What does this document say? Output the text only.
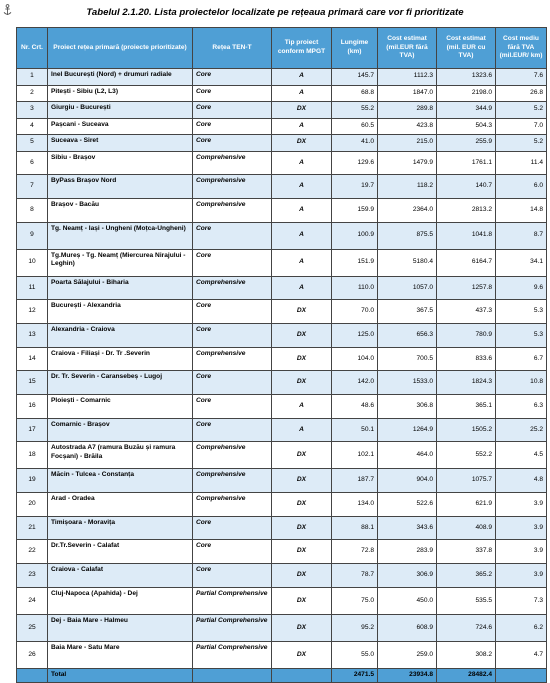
Tabelul 2.1.20. Lista proiectelor localizate pe rețeaua primară care vor fi prioritizate
Nr. Crt.	Proiect rețea primară (proiecte prioritizate)	Rețea TEN-T	Tip proiect conform MPGT	Lungime (km)	Cost estimat (mil.EUR fără TVA)	Cost estimat (mil. EUR cu TVA)	Cost mediu fără TVA (mil.EUR/ km)
1	Inel București (Nord) + drumuri radiale	Core	A	145.7	1112.3	1323.6	7.6
2	Pitești - Sibiu (L2, L3)	Core	A	68.8	1847.0	2198.0	26.8
3	Giurgiu - București	Core	DX	55.2	289.8	344.9	5.2
4	Pașcani - Suceava	Core	A	60.5	423.8	504.3	7.0
5	Suceava - Siret	Core	DX	41.0	215.0	255.9	5.2
6	Sibiu - Brașov	Comprehensive	A	129.6	1479.9	1761.1	11.4
7	ByPass Brașov Nord	Comprehensive	A	19.7	118.2	140.7	6.0
8	Brașov - Bacău	Comprehensive	A	159.9	2364.0	2813.2	14.8
9	Tg. Neamț - Iași - Ungheni (Moțca-Ungheni)	Core	A	100.9	875.5	1041.8	8.7
10	Tg.Mureș - Tg. Neamț (Miercurea Nirajului - Leghin)	Core	A	151.9	5180.4	6164.7	34.1
11	Poarta Sălajului - Biharia	Comprehensive	A	110.0	1057.0	1257.8	9.6
12	București - Alexandria	Core	DX	70.0	367.5	437.3	5.3
13	Alexandria - Craiova	Core	DX	125.0	656.3	780.9	5.3
14	Craiova - Filiași - Dr. Tr .Severin	Comprehensive	DX	104.0	700.5	833.6	6.7
15	Dr. Tr. Severin - Caransebeș - Lugoj	Core	DX	142.0	1533.0	1824.3	10.8
16	Ploiești - Comarnic	Core	A	48.6	306.8	365.1	6.3
17	Comarnic - Brașov	Core	A	50.1	1264.9	1505.2	25.2
18	Autostrada A7 (ramura Buzău și ramura Focșani) - Brăila	Comprehensive	DX	102.1	464.0	552.2	4.5
19	Măcin - Tulcea - Constanța	Comprehensive	DX	187.7	904.0	1075.7	4.8
20	Arad - Oradea	Comprehensive	DX	134.0	522.6	621.9	3.9
21	Timișoara - Moravița	Core	DX	88.1	343.6	408.9	3.9
22	Dr.Tr.Severin - Calafat	Core	DX	72.8	283.9	337.8	3.9
23	Craiova - Calafat	Core	DX	78.7	306.9	365.2	3.9
24	Cluj-Napoca (Apahida) - Dej	Partial Comprehensive	DX	75.0	450.0	535.5	7.3
25	Dej - Baia Mare - Halmeu	Partial Comprehensive	DX	95.2	608.9	724.6	6.2
26	Baia Mare - Satu Mare	Partial Comprehensive	DX	55.0	259.0	308.2	4.7
	Total			2471.5	23934.8	28482.4	
